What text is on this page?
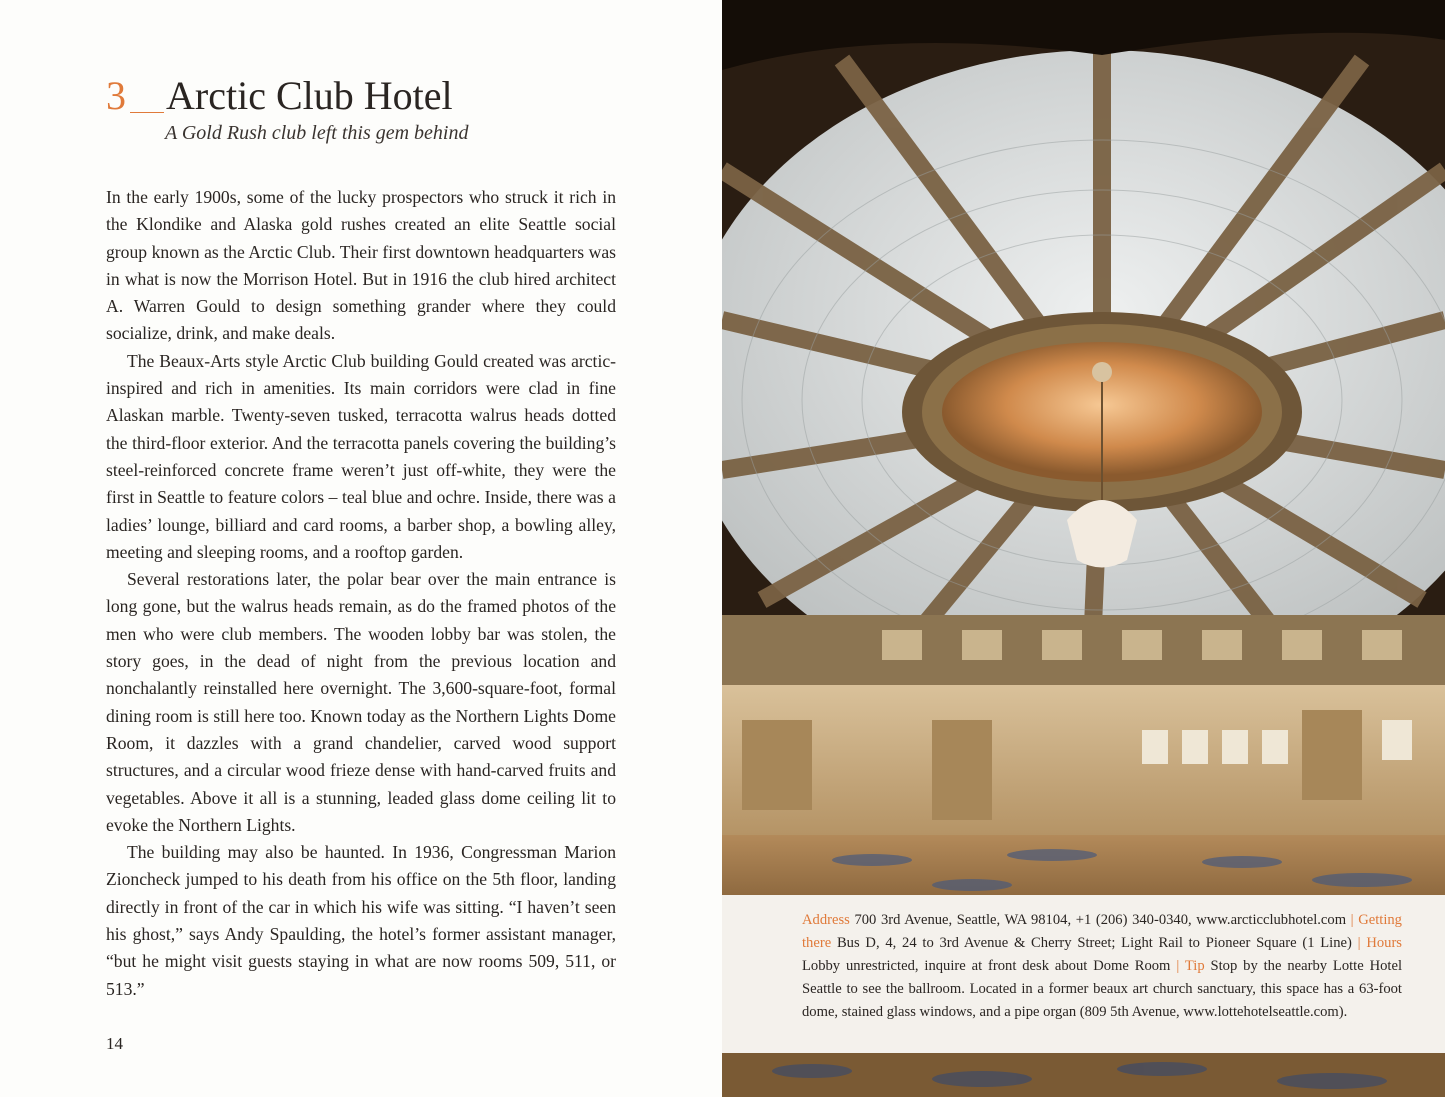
3 Arctic Club Hotel
A Gold Rush club left this gem behind

In the early 1900s, some of the lucky prospectors who struck it rich in the Klondike and Alaska gold rushes created an elite Seattle social group known as the Arctic Club. Their first downtown headquarters was in what is now the Morrison Hotel. But in 1916 the club hired architect A. Warren Gould to design something grander where they could socialize, drink, and make deals.

The Beaux-Arts style Arctic Club building Gould created was arctic-inspired and rich in amenities. Its main corridors were clad in fine Alaskan marble. Twenty-seven tusked, terracotta walrus heads dotted the third-floor exterior. And the terracotta panels covering the building’s steel-reinforced concrete frame weren’t just off-white, they were the first in Seattle to feature colors – teal blue and ochre. Inside, there was a ladies’ lounge, billiard and card rooms, a barber shop, a bowling alley, meeting and sleeping rooms, and a rooftop garden.

Several restorations later, the polar bear over the main entrance is long gone, but the walrus heads remain, as do the framed photos of the men who were club members. The wooden lobby bar was stolen, the story goes, in the dead of night from the previous location and nonchalantly reinstalled here overnight. The 3,600-square-foot, formal dining room is still here too. Known today as the Northern Lights Dome Room, it dazzles with a grand chandelier, carved wood support structures, and a circular wood frieze dense with hand-carved fruits and vegetables. Above it all is a stunning, leaded glass dome ceiling lit to evoke the Northern Lights.

The building may also be haunted. In 1936, Congressman Marion Zioncheck jumped to his death from his office on the 5th floor, landing directly in front of the car in which his wife was sitting. “I haven’t seen his ghost,” says Andy Spaulding, the hotel’s former assistant manager, “but he might visit guests staying in what are now rooms 509, 511, or 513.”

14
Address 700 3rd Avenue, Seattle, WA 98104, +1 (206) 340-0340, www.arcticclubhotel.com | Getting there Bus D, 4, 24 to 3rd Avenue & Cherry Street; Light Rail to Pioneer Square (1 Line) | Hours Lobby unrestricted, inquire at front desk about Dome Room | Tip Stop by the nearby Lotte Hotel Seattle to see the ballroom. Located in a former beaux art church sanctuary, this space has a 63-foot dome, stained glass windows, and a pipe organ (809 5th Avenue, www.lottehotelseattle.com).
